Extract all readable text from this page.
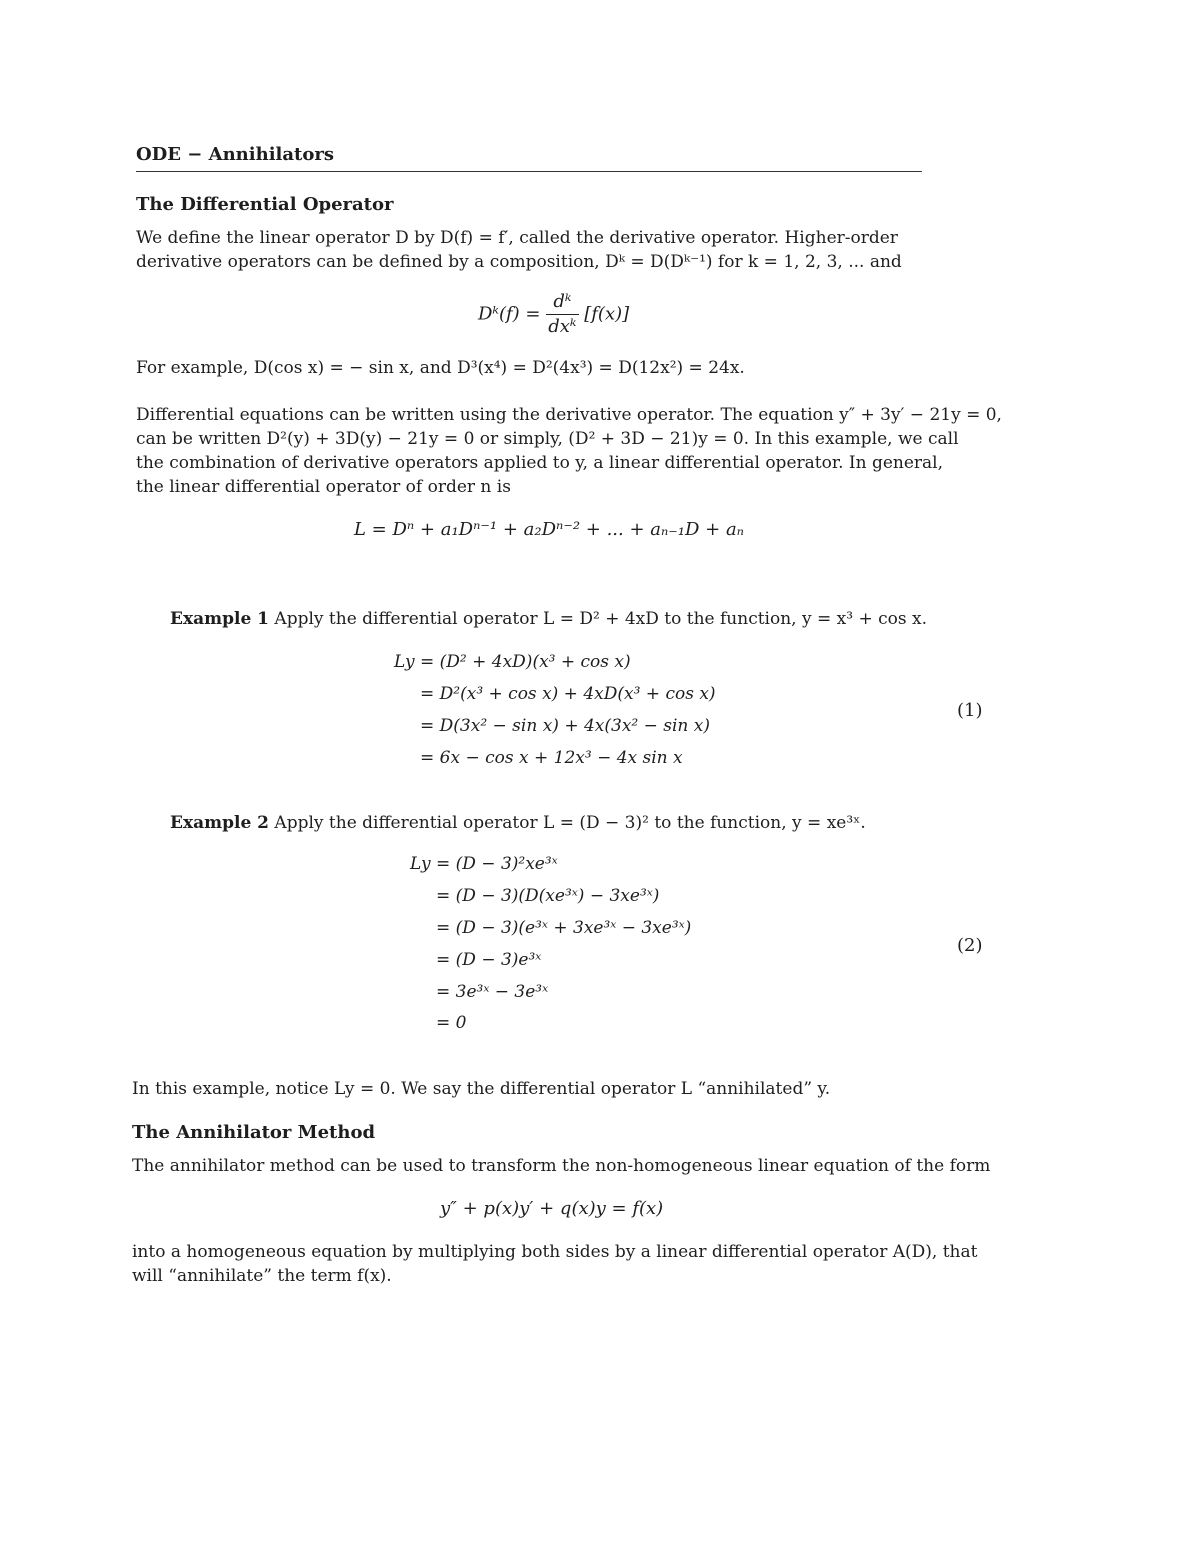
ODE − Annihilators
The Differential Operator
We define the linear operator D by D(f) = f′, called the derivative operator. Higher-order
derivative operators can be defined by a composition, Dᵏ = D(Dᵏ⁻¹) for k = 1, 2, 3, ... and
Dᵏ(f) = $\frac{\text{dᵏ}}{\text{dxᵏ}} [f(x)]$
For example, D(cos x) = − sin x, and D³(x⁴) = D²(4x³) = D(12x²) = 24x.
Differential equations can be written using the derivative operator. The equation y″ + 3y′ − 21y = 0,
can be written D²(y) + 3D(y) − 21y = 0 or simply, (D² + 3D − 21)y = 0. In this example, we call
the combination of derivative operators applied to y, a linear differential operator. In general,
the linear differential operator of order n is
L = Dⁿ + a₁Dⁿ⁻¹ + a₂Dⁿ⁻² + ... + aₙ₋₁D + aₙ
Example 1 Apply the differential operator L = D² + 4xD to the function, y = x³ + cos x.
Ly = (D² + 4xD)(x³ + cos x)
= D²(x³ + cos x) + 4xD(x³ + cos x)
= D(3x² − sin x) + 4x(3x² − sin x)
= 6x − cos x + 12x³ − 4x sin x
(1)
Example 2 Apply the differential operator L = (D − 3)² to the function, y = xe³ˣ.
Ly = (D − 3)²xe³ˣ
= (D − 3)(D(xe³ˣ) − 3xe³ˣ)
= (D − 3)(e³ˣ + 3xe³ˣ − 3xe³ˣ)
= (D − 3)e³ˣ
= 3e³ˣ − 3e³ˣ
= 0
(2)
In this example, notice Ly = 0. We say the differential operator L “annihilated” y.
The Annihilator Method
The annihilator method can be used to transform the non-homogeneous linear equation of the form
y″ + p(x)y′ + q(x)y = f(x)
into a homogeneous equation by multiplying both sides by a linear differential operator A(D), that
will “annihilate” the term f(x).
